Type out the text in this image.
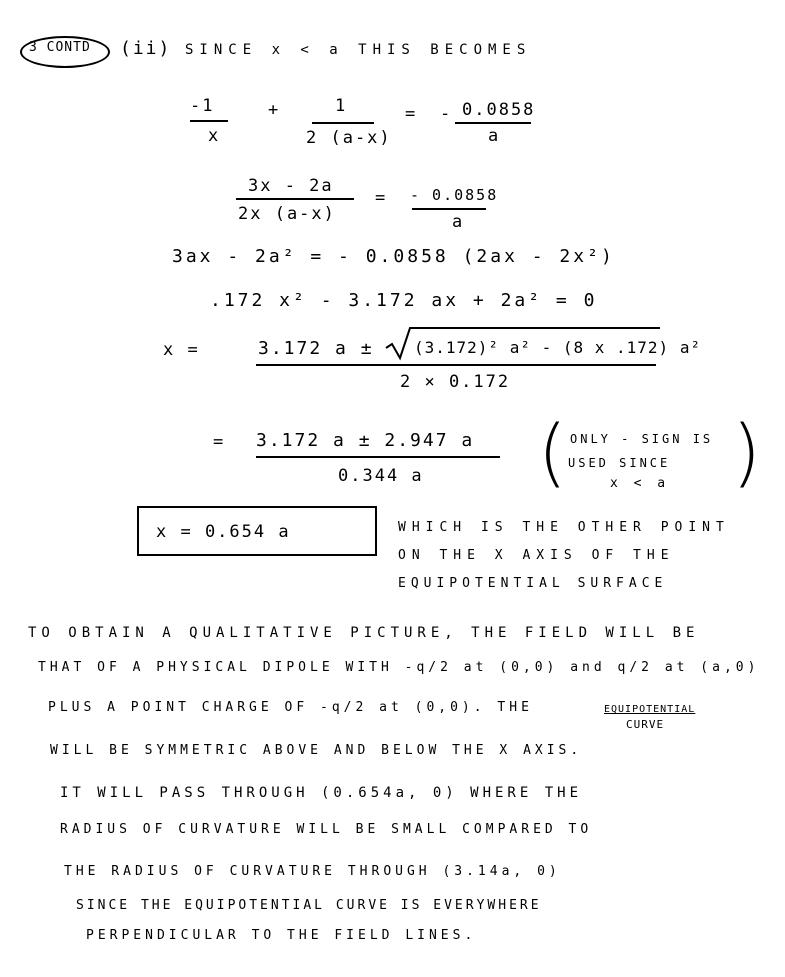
3 CONTD (ii) SINCE x < a THIS BECOMES
-1
x
+	1
2 (a-x)
= - 0.0858
a
3x - 2a
2x (a-x)
= - 0.0858
a
3ax - 2a² = - 0.0858 (2ax - 2x²)
.172 x² - 3.172 ax + 2a² = 0
x =	3.172 a ±	(3.172)² a² - (8 x .172) a²
2 × 0.172
= 3.172 a ± 2.947 a
0.344 a ( ONLY - SIGN IS
USED SINCE
x < a )
x = 0.654 a	WHICH IS THE OTHER POINT
ON THE X AXIS OF THE
EQUIPOTENTIAL SURFACE
TO OBTAIN A QUALITATIVE PICTURE, THE FIELD WILL BE
THAT OF A PHYSICAL DIPOLE WITH -q/2 at (0,0) and q/2 at (a,0)
PLUS A POINT CHARGE OF -q/2 at (0,0). THE	EQUIPOTENTIAL
CURVE
WILL BE SYMMETRIC ABOVE AND BELOW THE X AXIS.
IT WILL PASS THROUGH (0.654a, 0) WHERE THE
RADIUS OF CURVATURE WILL BE SMALL COMPARED TO
THE RADIUS OF CURVATURE THROUGH (3.14a, 0)
SINCE THE EQUIPOTENTIAL CURVE IS EVERYWHERE
PERPENDICULAR TO THE FIELD LINES.
